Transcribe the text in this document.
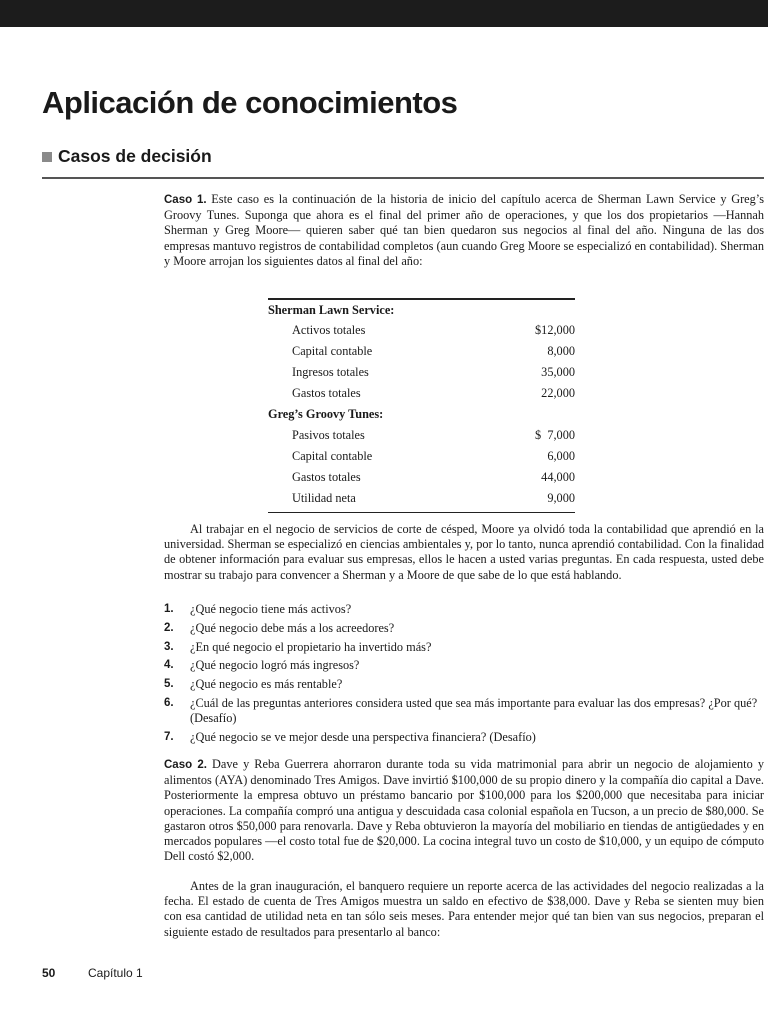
Aplicación de conocimientos
Casos de decisión

Caso 1. Este caso es la continuación de la historia de inicio del capítulo acerca de Sherman Lawn Service y Greg’s Groovy Tunes. Suponga que ahora es el final del primer año de operaciones, y que los dos propietarios —Hannah Sherman y Greg Moore— quieren saber qué tan bien quedaron sus negocios al final del año. Ninguna de las dos empresas mantuvo registros de contabilidad completos (aun cuando Greg Moore se especializó en contabilidad). Sherman y Moore arrojan los siguientes datos al final del año:

Sherman Lawn Service:
Activos totales	$12,000
Capital contable	8,000
Ingresos totales	35,000
Gastos totales	22,000
Greg’s Groovy Tunes:
Pasivos totales	$  7,000
Capital contable	6,000
Gastos totales	44,000
Utilidad neta	9,000

Al trabajar en el negocio de servicios de corte de césped, Moore ya olvidó toda la contabilidad que aprendió en la universidad. Sherman se especializó en ciencias ambientales y, por lo tanto, nunca aprendió contabilidad. Con la finalidad de obtener información para evaluar sus empresas, ellos le hacen a usted varias preguntas. En cada respuesta, usted debe mostrar su trabajo para convencer a Sherman y a Moore de que sabe de lo que está hablando.

1.	¿Qué negocio tiene más activos?
2.	¿Qué negocio debe más a los acreedores?
3.	¿En qué negocio el propietario ha invertido más?
4.	¿Qué negocio logró más ingresos?
5.	¿Qué negocio es más rentable?
6.	¿Cuál de las preguntas anteriores considera usted que sea más importante para evaluar las dos empresas? ¿Por qué? (Desafío)
7.	¿Qué negocio se ve mejor desde una perspectiva financiera? (Desafío)

Caso 2. Dave y Reba Guerrera ahorraron durante toda su vida matrimonial para abrir un negocio de alojamiento y alimentos (AYA) denominado Tres Amigos. Dave invirtió $100,000 de su propio dinero y la compañía dio capital a Dave. Posteriormente la empresa obtuvo un préstamo bancario por $100,000 para los $200,000 que necesitaba para iniciar operaciones. La compañía compró una antigua y descuidada casa colonial española en Tucson, a un precio de $80,000. Se gastaron otros $50,000 para renovarla. Dave y Reba obtuvieron la mayoría del mobiliario en tiendas de antigüedades y en mercados populares —el costo total fue de $20,000. La cocina integral tuvo un costo de $10,000, y un equipo de cómputo Dell costó $2,000.

Antes de la gran inauguración, el banquero requiere un reporte acerca de las actividades del negocio realizadas a la fecha. El estado de cuenta de Tres Amigos muestra un saldo en efectivo de $38,000. Dave y Reba se sienten muy bien con esa cantidad de utilidad neta en tan sólo seis meses. Para entender mejor qué tan bien van sus negocios, preparan el siguiente estado de resultados para presentarlo al banco:

50	Capítulo 1
